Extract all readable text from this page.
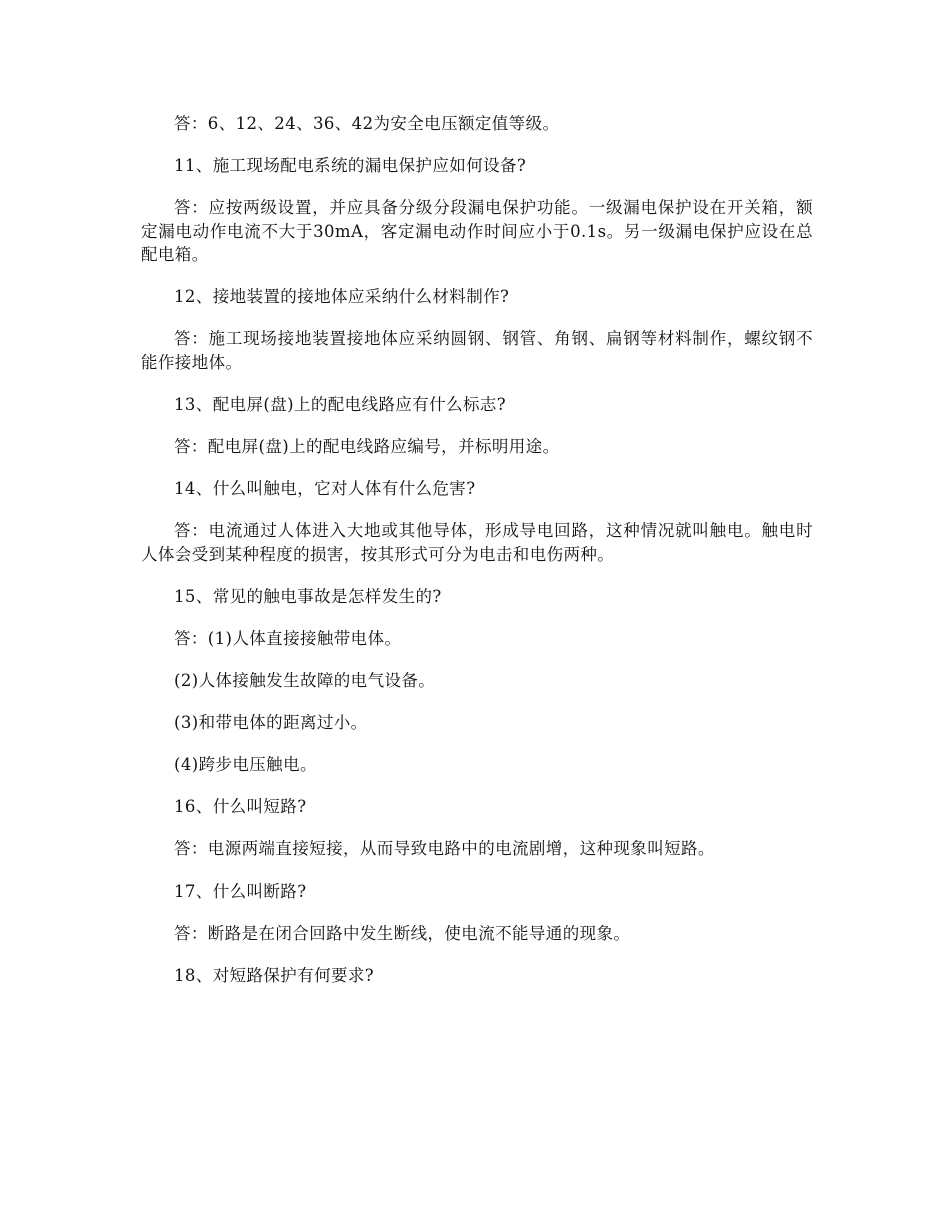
答：6、12、24、36、42为安全电压额定值等级。

11、施工现场配电系统的漏电保护应如何设备?

答：应按两级设置，并应具备分级分段漏电保护功能。一级漏电保护设在开关箱，额定漏电动作电流不大于30mA，客定漏电动作时间应小于0.1s。另一级漏电保护应设在总配电箱。

12、接地装置的接地体应采纳什么材料制作?

答：施工现场接地装置接地体应采纳圆钢、钢管、角钢、扁钢等材料制作，螺纹钢不能作接地体。

13、配电屏(盘)上的配电线路应有什么标志?

答：配电屏(盘)上的配电线路应编号，并标明用途。

14、什么叫触电，它对人体有什么危害?

答：电流通过人体进入大地或其他导体，形成导电回路，这种情况就叫触电。触电时人体会受到某种程度的损害，按其形式可分为电击和电伤两种。

15、常见的触电事故是怎样发生的?

答：(1)人体直接接触带电体。

(2)人体接触发生故障的电气设备。

(3)和带电体的距离过小。

(4)跨步电压触电。

16、什么叫短路?

答：电源两端直接短接，从而导致电路中的电流剧增，这种现象叫短路。

17、什么叫断路?

答：断路是在闭合回路中发生断线，使电流不能导通的现象。

18、对短路保护有何要求?
